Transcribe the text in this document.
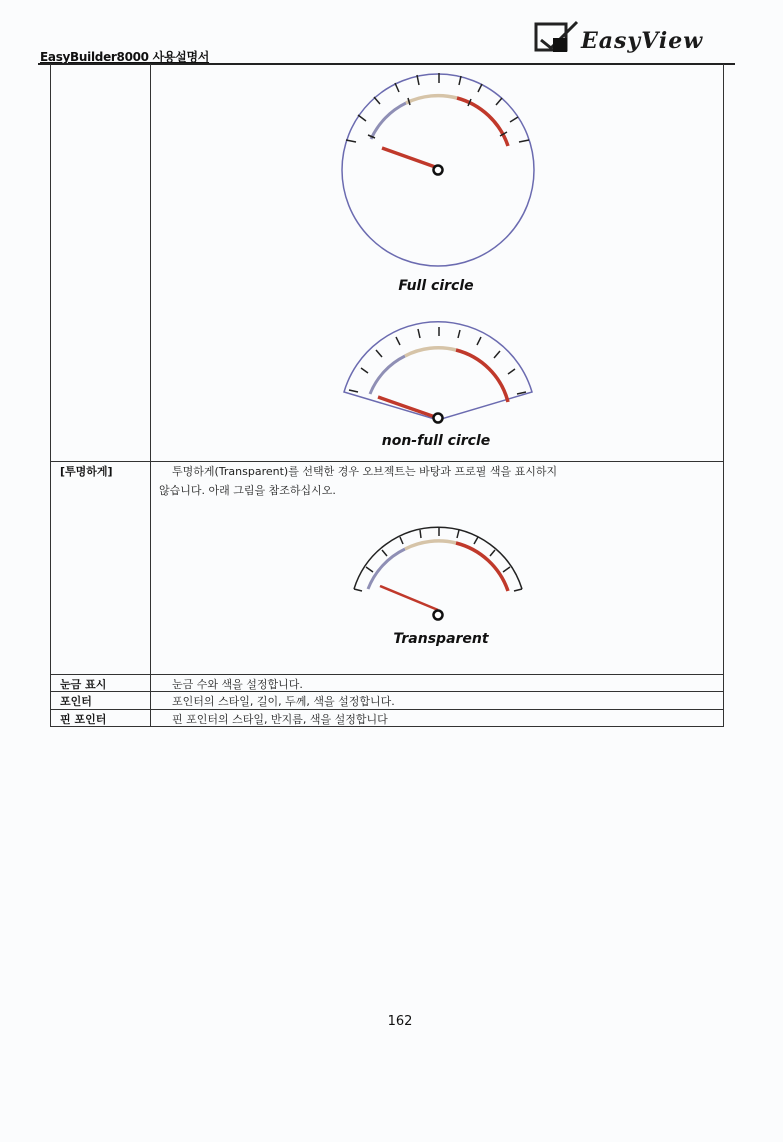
EasyBuilder8000 사용설명서
EasyView
Full circle
non-full circle
[투명하게]	투명하게(Transparent)를 선택한 경우 오브젝트는 바탕과 프로필 색을 표시하지
않습니다. 아래 그림을 참조하십시오.
Transparent
눈금 표시	눈금 수와 색을 설정합니다.
포인터	포인터의 스타일, 길이, 두께, 색을 설정합니다.
핀 포인터	핀 포인터의 스타일, 반지름, 색을 설정합니다
162
